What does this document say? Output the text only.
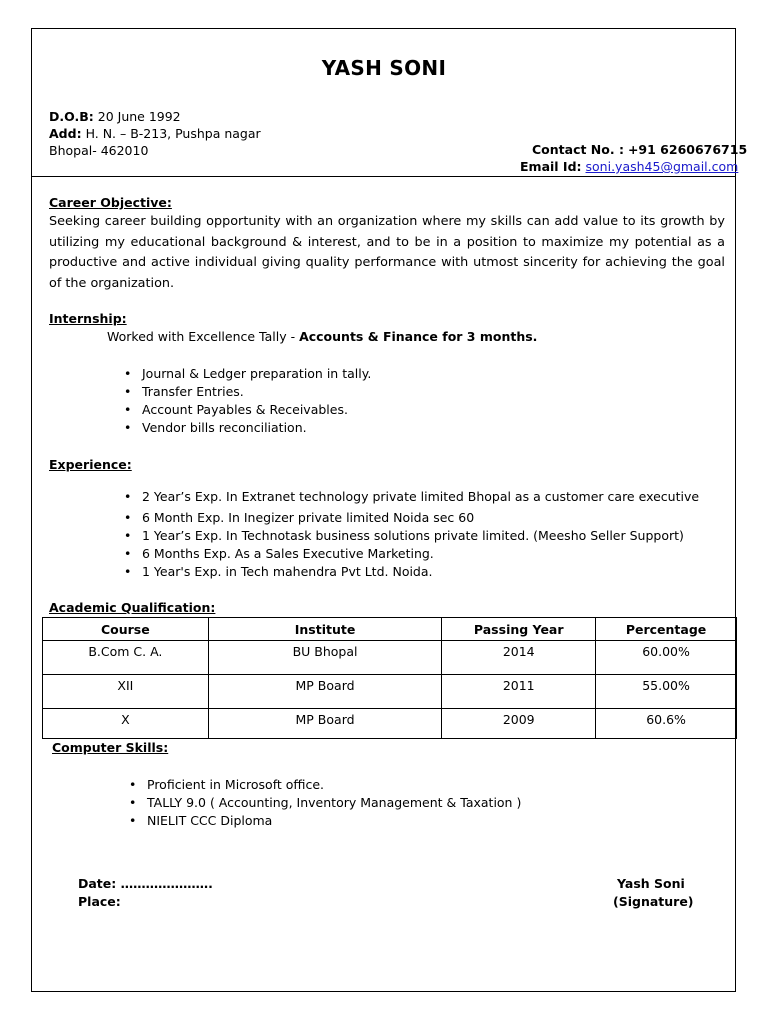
YASH SONI
D.O.B: 20 June 1992
Add: H. N. – B-213, Pushpa nagar
Bhopal- 462010	Contact No. : +91 6260676715
Email Id: soni.yash45@gmail.com
Career Objective:
Seeking career building opportunity with an organization where my skills can add value to its growth by utilizing my educational background & interest, and to be in a position to maximize my potential as a productive and active individual giving quality performance with utmost sincerity for achieving the goal of the organization.
Internship:
Worked with Excellence Tally - Accounts & Finance for 3 months.
• Journal & Ledger preparation in tally.
• Transfer Entries.
• Account Payables & Receivables.
• Vendor bills reconciliation.
Experience:
• 2 Year’s Exp. In Extranet technology private limited Bhopal as a customer care executive
• 6 Month Exp. In Inegizer private limited Noida sec 60
• 1 Year’s Exp. In Technotask business solutions private limited. (Meesho Seller Support)
• 6 Months Exp. As a Sales Executive Marketing.
• 1 Year's Exp. in Tech mahendra Pvt Ltd. Noida.
Academic Qualification:
Course	Institute	Passing Year	Percentage
B.Com C. A.	BU Bhopal	2014	60.00%
XII	MP Board	2011	55.00%
X	MP Board	2009	60.6%
Computer Skills:
• Proficient in Microsoft office.
• TALLY 9.0 ( Accounting, Inventory Management & Taxation )
• NIELIT CCC Diploma
Date: ………………….
Place:
Yash Soni
(Signature)
